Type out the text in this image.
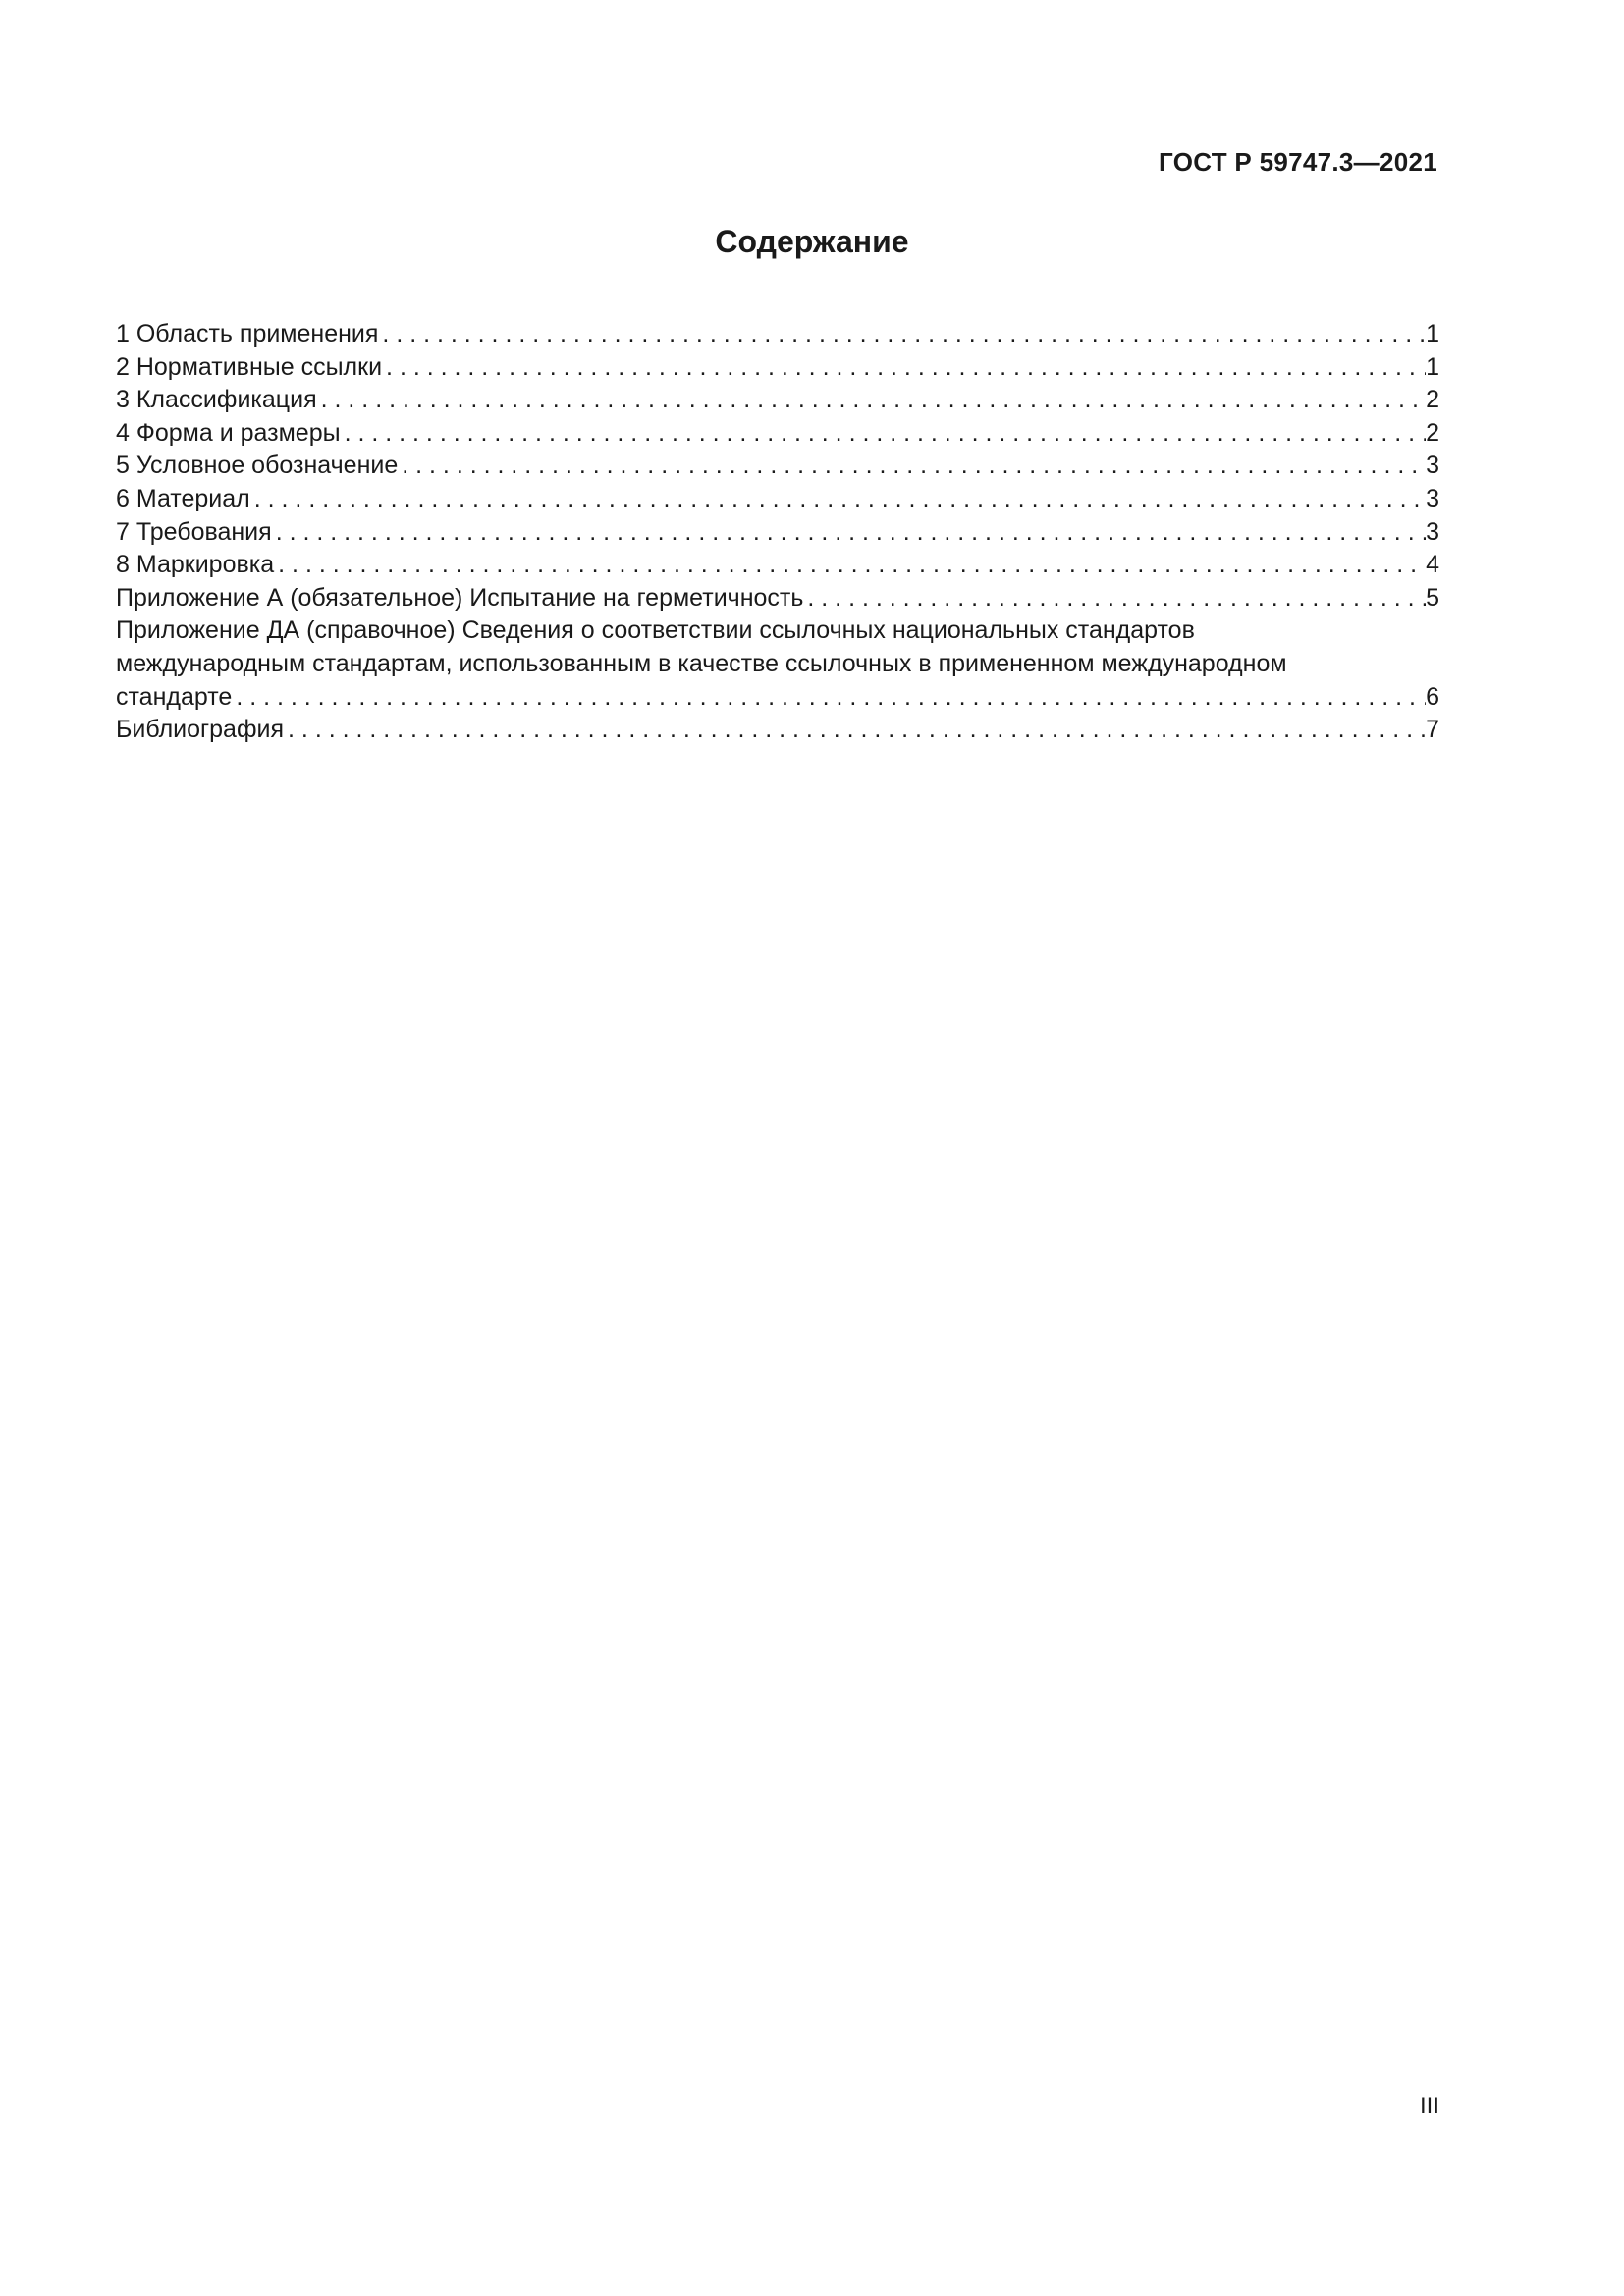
ГОСТ Р 59747.3—2021
Содержание
1 Область применения . . .	1
2 Нормативные ссылки . . .	1
3 Классификация . . .	2
4 Форма и размеры . . .	2
5 Условное обозначение . . .	3
6 Материал . . .	3
7 Требования . . .	3
8 Маркировка . . .	4
Приложение А (обязательное) Испытание на герметичность . . .	5
Приложение ДА (справочное) Сведения о соответствии ссылочных национальных стандартов
международным стандартам, использованным в качестве ссылочных в примененном международном
стандарте . . .	6
Библиография . . .	7
III
